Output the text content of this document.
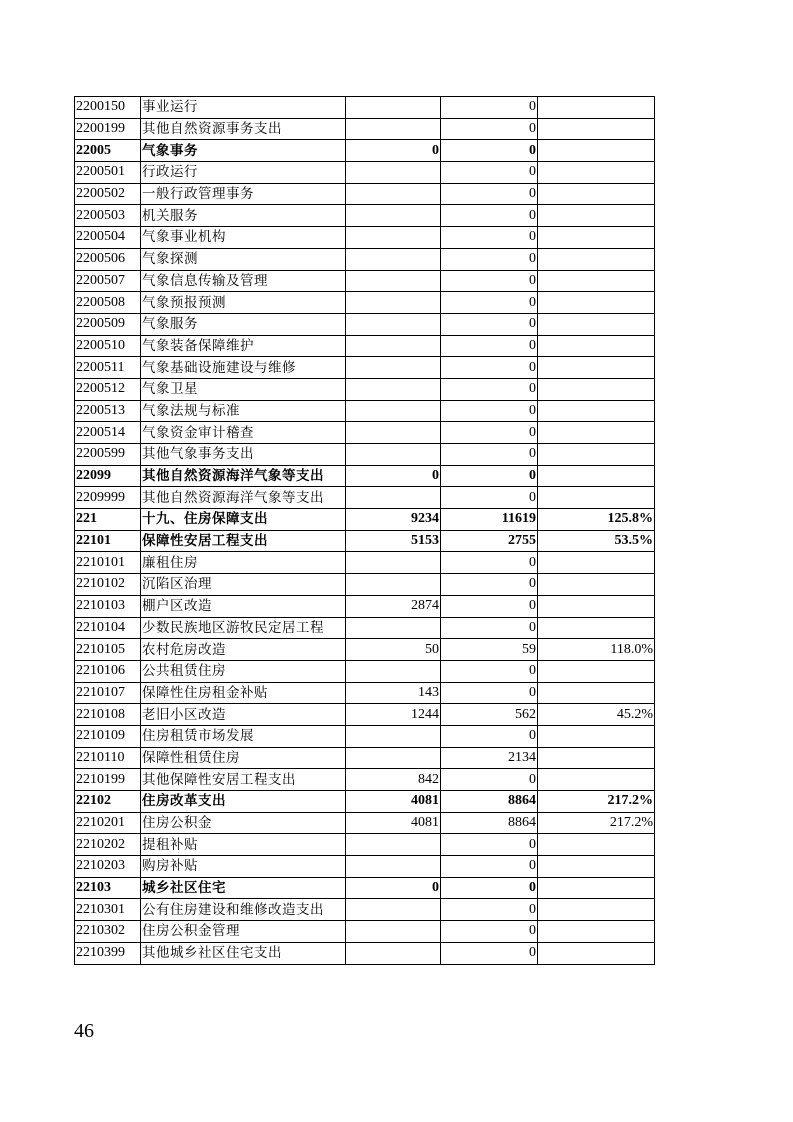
2200150	事业运行		0	
2200199	其他自然资源事务支出		0	
22005	气象事务	0	0	
2200501	行政运行		0	
2200502	一般行政管理事务		0	
2200503	机关服务		0	
2200504	气象事业机构		0	
2200506	气象探测		0	
2200507	气象信息传输及管理		0	
2200508	气象预报预测		0	
2200509	气象服务		0	
2200510	气象装备保障维护		0	
2200511	气象基础设施建设与维修		0	
2200512	气象卫星		0	
2200513	气象法规与标准		0	
2200514	气象资金审计稽查		0	
2200599	其他气象事务支出		0	
22099	其他自然资源海洋气象等支出	0	0	
2209999	其他自然资源海洋气象等支出		0	
221	十九、住房保障支出	9234	11619	125.8%
22101	保障性安居工程支出	5153	2755	53.5%
2210101	廉租住房		0	
2210102	沉陷区治理		0	
2210103	棚户区改造	2874	0	
2210104	少数民族地区游牧民定居工程		0	
2210105	农村危房改造	50	59	118.0%
2210106	公共租赁住房		0	
2210107	保障性住房租金补贴	143	0	
2210108	老旧小区改造	1244	562	45.2%
2210109	住房租赁市场发展		0	
2210110	保障性租赁住房		2134	
2210199	其他保障性安居工程支出	842	0	
22102	住房改革支出	4081	8864	217.2%
2210201	住房公积金	4081	8864	217.2%
2210202	提租补贴		0	
2210203	购房补贴		0	
22103	城乡社区住宅	0	0	
2210301	公有住房建设和维修改造支出		0	
2210302	住房公积金管理		0	
2210399	其他城乡社区住宅支出		0	
46
